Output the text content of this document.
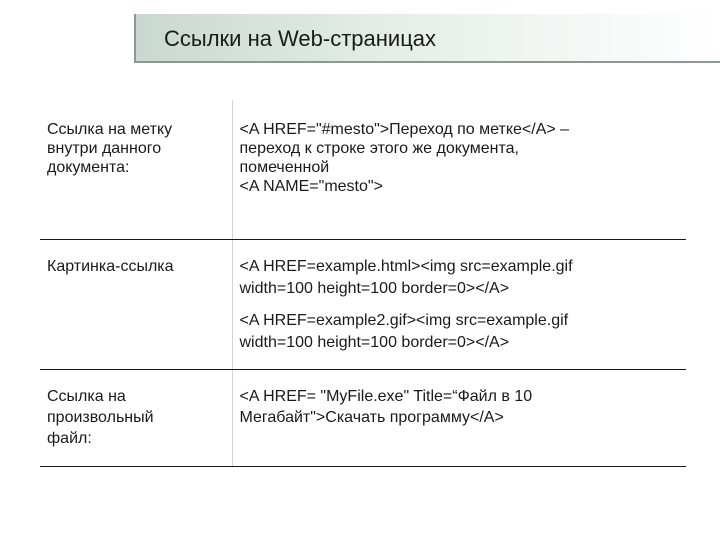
Ссылки на Web-страницах
Ссылка на метку
внутри данного
документа:	<A HREF="#mesto">Переход по метке</A> –
переход к строке этого же документа,
помеченной
<A NAME="mesto">

Картинка-ссылка	<A HREF=example.html><img src=example.gif
width=100 height=100 border=0></A>
<A HREF=example2.gif><img src=example.gif
width=100 height=100 border=0></A>

Ссылка на
произвольный
файл:	<A HREF= "MyFile.exe" Title=“Файл в 10
Мегабайт">Скачать программу</A>
